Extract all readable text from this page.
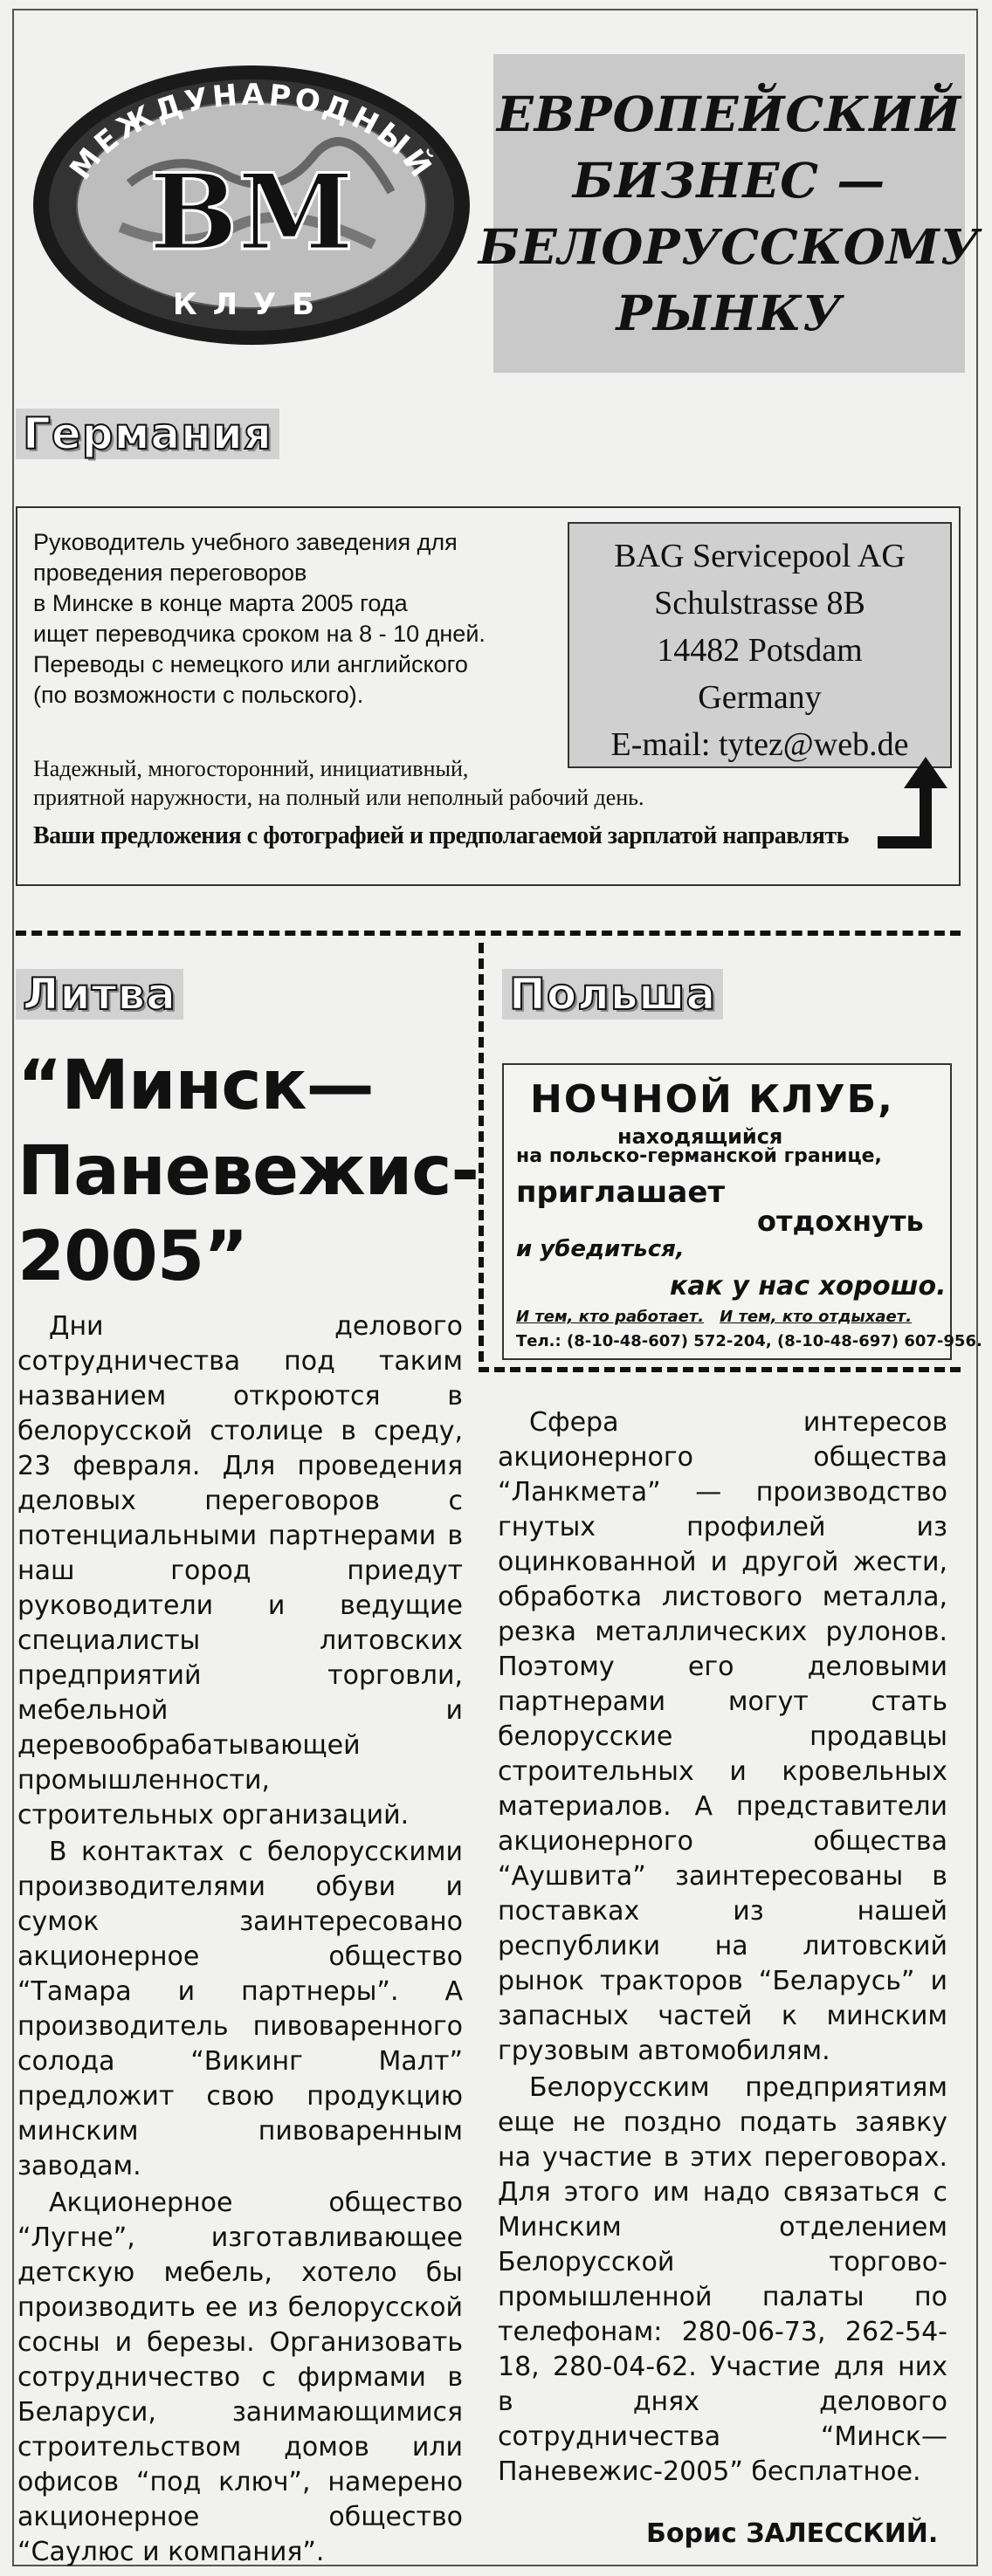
МЕЖДУНАРОДНЫЙ
ВМ
КЛУБ
ЕВРОПЕЙСКИЙ
БИЗНЕС —
БЕЛОРУССКОМУ
РЫНКУ
Германия

Руководитель учебного заведения для

проведения переговоров

в Минске в конце марта 2005 года

ищет переводчика сроком на 8 - 10 дней.

Переводы с немецкого или английского

(по возможности с польского).

BAG Servicepool AG
Schulstrasse 8B
14482 Potsdam
Germany
E-mail: tytez@web.de

Надежный, многосторонний, инициативный,

приятной наружности, на полный или неполный рабочий день.

Ваши предложения с фотографией и предполагаемой зарплатой направлять
Литва
“Минск—
Паневежис-
2005”

Дни делового сотрудничества под таким названием откроются в белорусской столице в среду, 23 февраля. Для проведения деловых переговоров с потенциальными партнерами в наш город приедут руководители и ведущие специалисты литовских предприятий торговли, мебельной и деревообрабатывающей промышленности, строительных организаций.

В контактах с белорусскими производителями обуви и сумок заинтересовано акционерное общество “Тамара и партнеры”. А производитель пивоваренного солода “Викинг Малт” предложит свою продукцию минским пивоваренным заводам.

Акционерное общество “Лугне”, изготавливающее детскую мебель, хотело бы производить ее из белорусской сосны и березы. Организовать сотрудничество с фирмами в Беларуси, занимающимися строительством домов или офисов “под ключ”, намерено акционерное общество “Саулюс и компания”.

Польша
НОЧНОЙ КЛУБ,
находящийся
на польско-германской границе,
приглашает
отдохнуть
и убедиться,
как у нас хорошо.
И тем, кто работает. И тем, кто отдыхает.
Тел.: (8-10-48-607) 572-204, (8-10-48-697) 607-956.

Сфера интересов акционерного общества “Ланкмета” — производство гнутых профилей из оцинкованной и другой жести, обработка листового металла, резка металлических рулонов. Поэтому его деловыми партнерами могут стать белорусские продавцы строительных и кровельных материалов. А представители акционерного общества “Аушвита” заинтересованы в поставках из нашей республики на литовский рынок тракторов “Беларусь” и запасных частей к минским грузовым автомобилям.

Белорусским предприятиям еще не поздно подать заявку на участие в этих переговорах. Для этого им надо связаться с Минским отделением Белорусской торгово-промышленной палаты по телефонам: 280-06-73, 262-54-18, 280-04-62. Участие для них в днях делового сотрудничества “Минск—Паневежис-2005” бесплатное.

Борис ЗАЛЕССКИЙ.
